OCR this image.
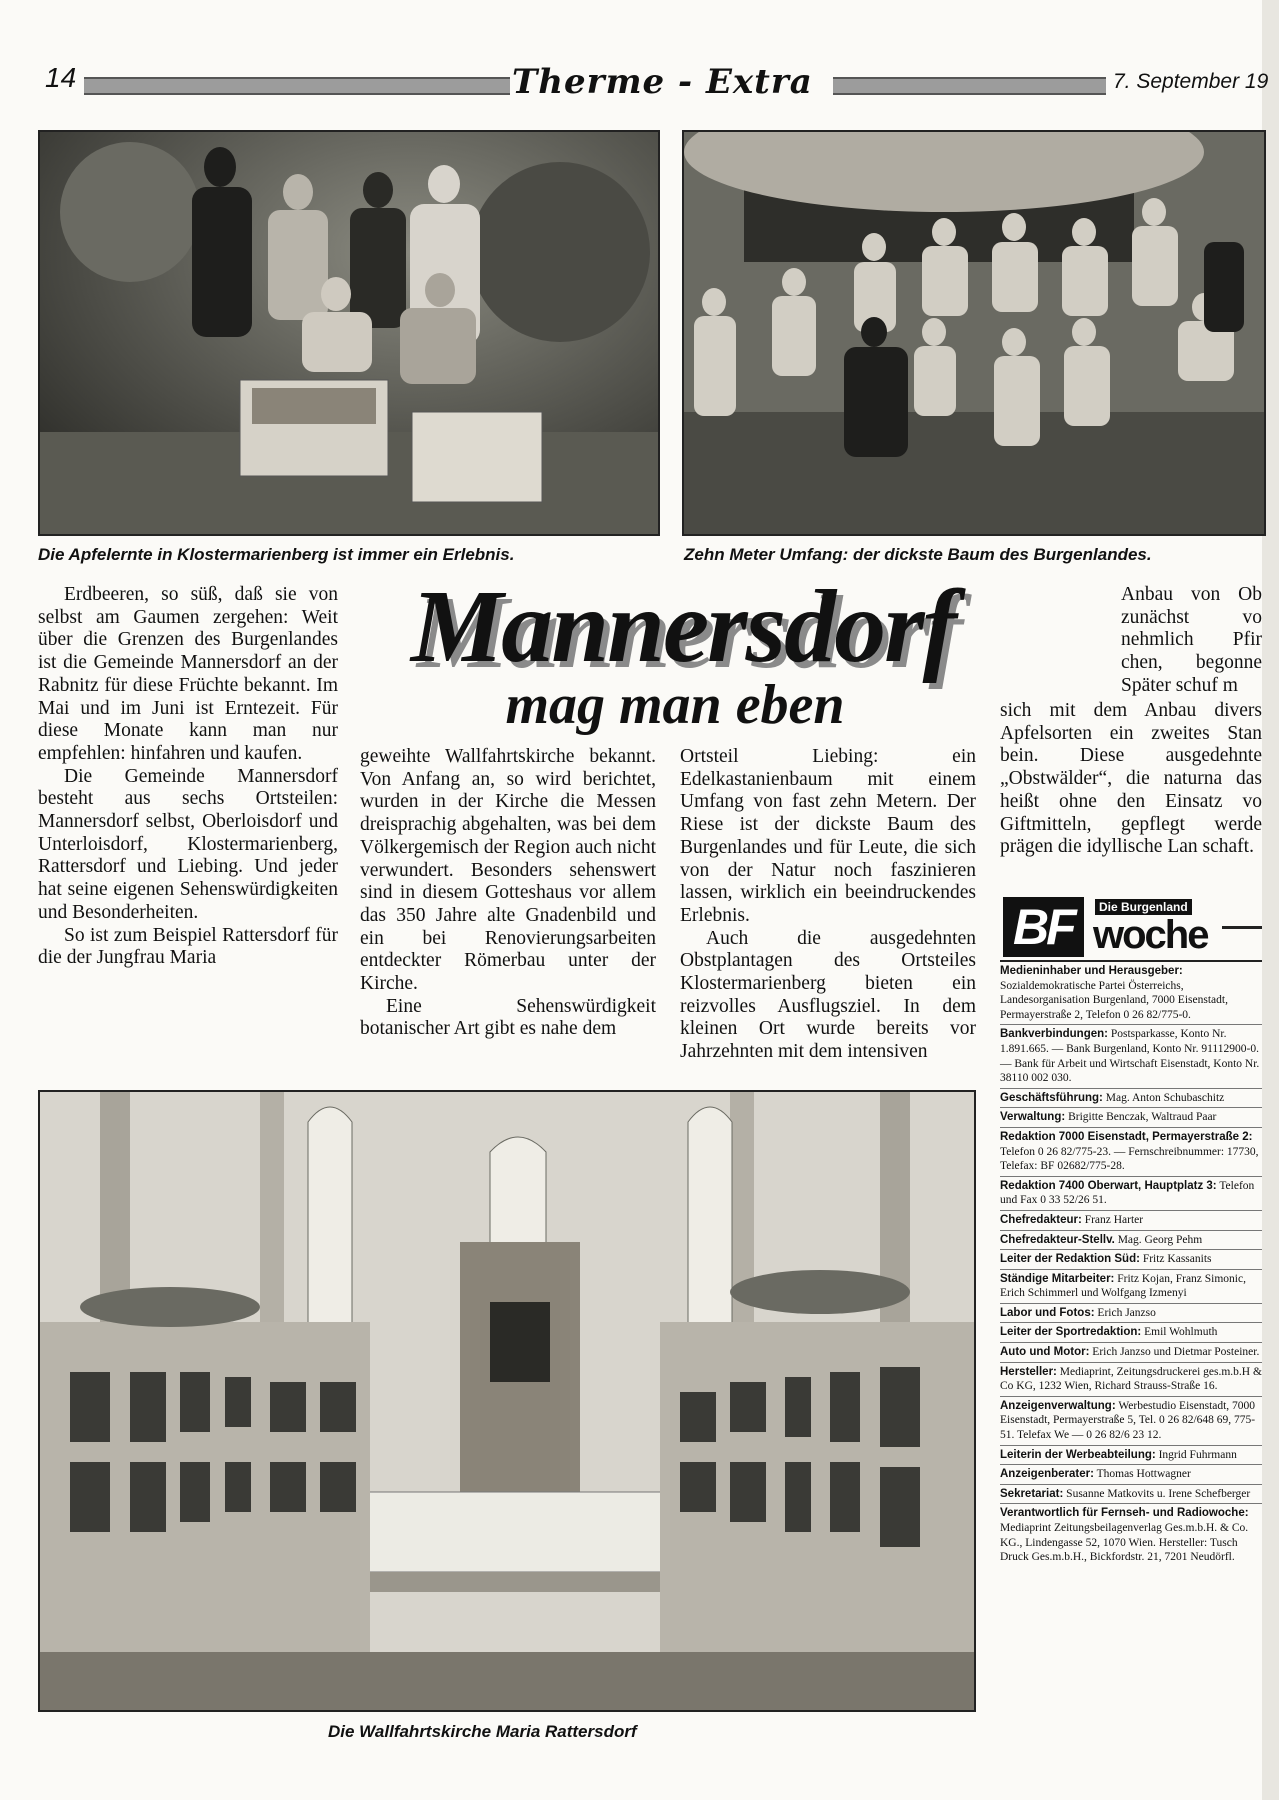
14	Therme - Extra	7. September 19
Die Apfelernte in Klostermarienberg ist immer ein Erlebnis.	Zehn Meter Umfang: der dickste Baum des Burgenlandes.
Mannersdorf
mag man eben

Erdbeeren, so süß, daß sie von selbst am Gaumen zergehen: Weit über die Grenzen des Burgenlandes ist die Gemeinde Mannersdorf an der Rabnitz für diese Früchte bekannt. Im Mai und im Juni ist Erntezeit. Für diese Monate kann man nur empfehlen: hinfahren und kaufen.

Die Gemeinde Mannersdorf besteht aus sechs Ortsteilen: Mannersdorf selbst, Oberloisdorf und Unterloisdorf, Klostermarienberg, Rattersdorf und Liebing. Und jeder hat seine eigenen Sehenswürdigkeiten und Besonderheiten.

So ist zum Beispiel Rattersdorf für die der Jungfrau Maria

geweihte Wallfahrtskirche bekannt. Von Anfang an, so wird berichtet, wurden in der Kirche die Messen dreisprachig abgehalten, was bei dem Völkergemisch der Region auch nicht verwundert. Besonders sehenswert sind in diesem Gotteshaus vor allem das 350 Jahre alte Gnadenbild und ein bei Renovierungsarbeiten entdeckter Römerbau unter der Kirche.

Eine Sehenswürdigkeit botanischer Art gibt es nahe dem

Ortsteil Liebing: ein Edelkastanienbaum mit einem Umfang von fast zehn Metern. Der Riese ist der dickste Baum des Burgenlandes und für Leute, die sich von der Natur noch faszinieren lassen, wirklich ein beeindruckendes Erlebnis.

Auch die ausgedehnten Obstplantagen des Ortsteiles Klostermarienberg bieten ein reizvolles Ausflugsziel. In dem kleinen Ort wurde bereits vor Jahrzehnten mit dem intensiven

Anbau von Ob zunächst vo nehmlich Pfir chen, begonne Später schuf m

sich mit dem Anbau divers Apfelsorten ein zweites Stan bein. Diese ausgedehnte „Obstwälder“, die naturna das heißt ohne den Einsatz vo Giftmitteln, gepflegt werde prägen die idyllische Lan schaft.

Die Wallfahrtskirche Maria Rattersdorf
BF	Die Burgenland
woche
Medieninhaber und Herausgeber: Sozialdemokratische Partei Österreichs, Landesorganisation Burgenland, 7000 Eisenstadt, Permayerstraße 2, Telefon 0 26 82/775-0.
Bankverbindungen: Postsparkasse, Konto Nr. 1.891.665. — Bank Burgenland, Konto Nr. 91112900-0. — Bank für Arbeit und Wirtschaft Eisenstadt, Konto Nr. 38110 002 030.
Geschäftsführung: Mag. Anton Schubaschitz
Verwaltung: Brigitte Benczak, Waltraud Paar
Redaktion 7000 Eisenstadt, Permayerstraße 2: Telefon 0 26 82/775-23. — Fernschreibnummer: 17730, Telefax: BF 02682/775-28.
Redaktion 7400 Oberwart, Hauptplatz 3: Telefon und Fax 0 33 52/26 51.
Chefredakteur: Franz Harter
Chefredakteur-Stellv. Mag. Georg Pehm
Leiter der Redaktion Süd: Fritz Kassanits
Ständige Mitarbeiter: Fritz Kojan, Franz Simonic, Erich Schimmerl und Wolfgang Izmenyi
Labor und Fotos: Erich Janzso
Leiter der Sportredaktion: Emil Wohlmuth
Auto und Motor: Erich Janzso und Dietmar Posteiner.
Hersteller: Mediaprint, Zeitungsdruckerei ges.m.b.H & Co KG, 1232 Wien, Richard Strauss-Straße 16.
Anzeigenverwaltung: Werbestudio Eisenstadt, 7000 Eisenstadt, Permayerstraße 5, Tel. 0 26 82/648 69, 775-51. Telefax We — 0 26 82/6 23 12.
Leiterin der Werbeabteilung: Ingrid Fuhrmann
Anzeigenberater: Thomas Hottwagner
Sekretariat: Susanne Matkovits u. Irene Schefberger
Verantwortlich für Fernseh- und Radiowoche: Mediaprint Zeitungsbeilagenverlag Ges.m.b.H. & Co. KG., Lindengasse 52, 1070 Wien. Hersteller: Tusch Druck Ges.m.b.H., Bickfordstr. 21, 7201 Neudörfl.
